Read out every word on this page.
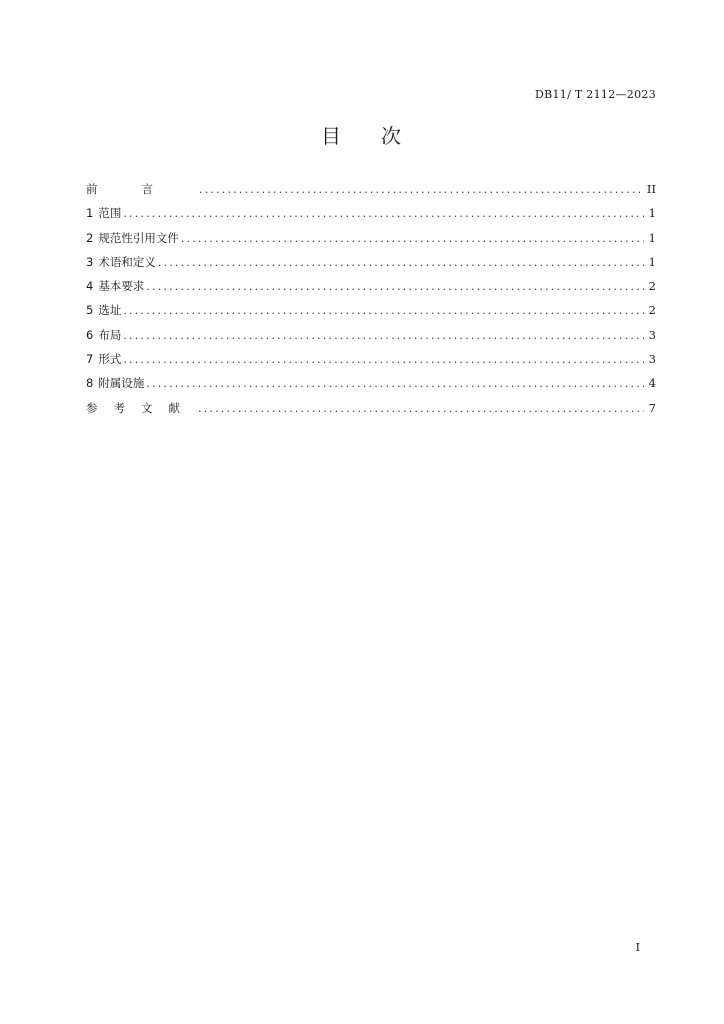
DB11/ T 2112—2023
目 次
前言 .....	II
1 范围 .....	1
2 规范性引用文件 .....	1
3 术语和定义 .....	1
4 基本要求 .....	2
5 选址 .....	2
6 布局 .....	3
7 形式 .....	3
8 附属设施 .....	4
参考文献 .....	7
I
